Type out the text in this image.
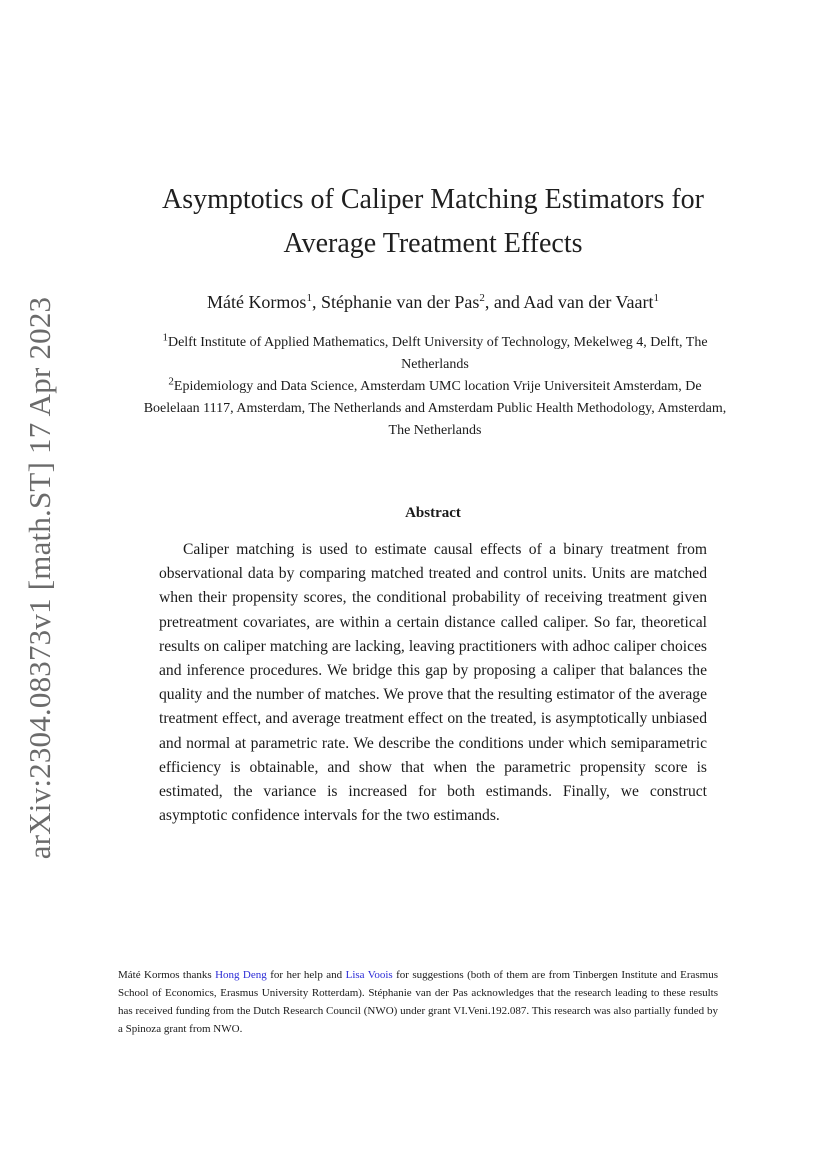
arXiv:2304.08373v1 [math.ST] 17 Apr 2023
Asymptotics of Caliper Matching Estimators for Average Treatment Effects
Máté Kormos$^1$, Stéphanie van der Pas$^2$, and Aad van der Vaart$^1$
$^1$Delft Institute of Applied Mathematics, Delft University of Technology, Mekelweg 4, Delft, The Netherlands
$^2$Epidemiology and Data Science, Amsterdam UMC location Vrije Universiteit Amsterdam, De Boelelaan 1117, Amsterdam, The Netherlands and Amsterdam Public Health Methodology, Amsterdam, The Netherlands
Abstract

Caliper matching is used to estimate causal effects of a binary treatment from observational data by comparing matched treated and control units. Units are matched when their propensity scores, the conditional probability of receiving treatment given pretreatment covariates, are within a certain distance called caliper. So far, theoretical results on caliper matching are lacking, leaving practitioners with adhoc caliper choices and inference procedures. We bridge this gap by proposing a caliper that balances the quality and the number of matches. We prove that the resulting estimator of the average treatment effect, and average treatment effect on the treated, is asymptotically unbiased and normal at parametric rate. We describe the conditions under which semiparametric efficiency is obtainable, and show that when the parametric propensity score is estimated, the variance is increased for both estimands. Finally, we construct asymptotic confidence intervals for the two estimands.

Máté Kormos thanks Hong Deng for her help and Lisa Voois for suggestions (both of them are from Tinbergen Institute and Erasmus School of Economics, Erasmus University Rotterdam). Stéphanie van der Pas acknowledges that the research leading to these results has received funding from the Dutch Research Council (NWO) under grant VI.Veni.192.087. This research was also partially funded by a Spinoza grant from NWO.
